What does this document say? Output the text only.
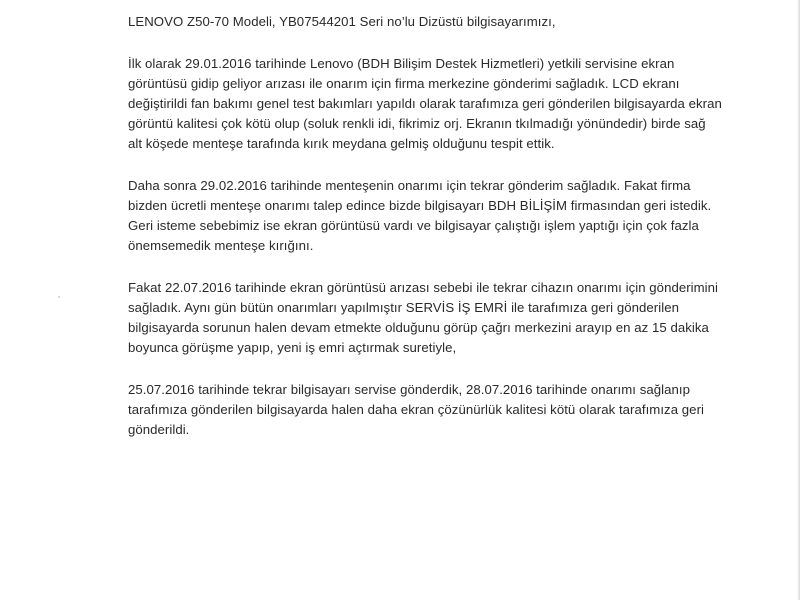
LENOVO Z50-70 Modeli, YB07544201 Seri no’lu Dizüstü bilgisayarımızı,

İlk olarak 29.01.2016 tarihinde Lenovo (BDH Bilişim Destek Hizmetleri) yetkili servisine ekran
görüntüsü gidip geliyor arızası ile onarım için firma merkezine gönderimi sağladık. LCD ekranı
değiştirildi fan bakımı genel test bakımları yapıldı olarak tarafımıza geri gönderilen bilgisayarda ekran
görüntü kalitesi çok kötü olup (soluk renkli idi, fikrimiz orj. Ekranın tkılmadığı yönündedir) birde sağ
alt köşede menteşe tarafında kırık meydana gelmiş olduğunu tespit ettik.

Daha sonra 29.02.2016 tarihinde menteşenin onarımı için tekrar gönderim sağladık. Fakat firma
bizden ücretli menteşe onarımı talep edince bizde bilgisayarı BDH BİLİŞİM firmasından geri istedik.
Geri isteme sebebimiz ise ekran görüntüsü vardı ve bilgisayar çalıştığı işlem yaptığı için çok fazla
önemsemedik menteşe kırığını.

Fakat 22.07.2016 tarihinde ekran görüntüsü arızası sebebi ile tekrar cihazın onarımı için gönderimini
sağladık. Aynı gün bütün onarımları yapılmıştır SERVİS İŞ EMRİ ile tarafımıza geri gönderilen
bilgisayarda sorunun halen devam etmekte olduğunu görüp çağrı merkezini arayıp en az 15 dakika
boyunca görüşme yapıp, yeni iş emri açtırmak suretiyle,

25.07.2016 tarihinde tekrar bilgisayarı servise gönderdik, 28.07.2016 tarihinde onarımı sağlanıp
tarafımıza gönderilen bilgisayarda halen daha ekran çözünürlük kalitesi kötü olarak tarafımıza geri
gönderildi.
